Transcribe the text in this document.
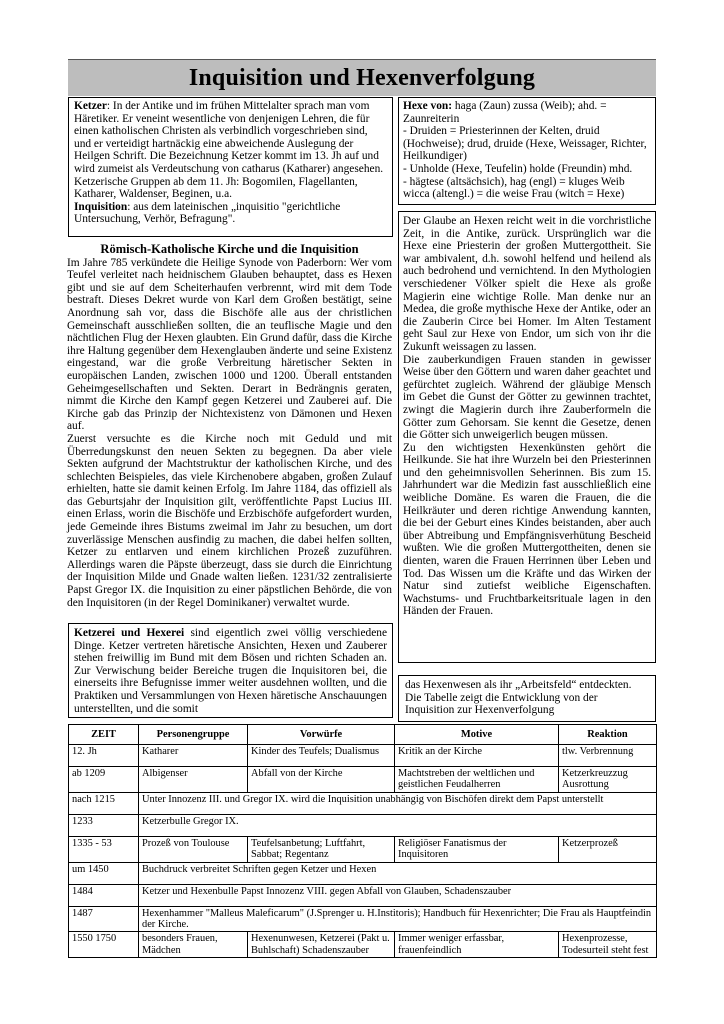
Inquisition und Hexenverfolgung

Ketzer: In der Antike und im frühen Mittelalter sprach man vom Häretiker. Er veneint wesentliche von denjenigen Lehren, die für einen katholischen Christen als verbindlich vorgeschrieben sind, und er verteidigt hartnäckig eine abweichende Auslegung der Heilgen Schrift. Die Bezeichnung Ketzer kommt im 13. Jh auf und wird zumeist als Verdeutschung von catharus (Katharer) angesehen. Ketzerische Gruppen ab dem 11. Jh: Bogomilen, Flagellanten, Katharer, Waldenser, Beginen, u.a.

Inquisition: aus dem lateinischen „inquisitio "gerichtliche Untersuchung, Verhör, Befragung".

Hexe von: haga (Zaun) zussa (Weib); ahd. = Zaunreiterin

- Druiden = Priesterinnen der Kelten, druid (Hochweise); drud, druide (Hexe, Weissager, Richter, Heilkundiger)

- Unholde (Hexe, Teufelin) holde (Freundin) mhd.

- hägtese (altsächsich), hag (engl) = kluges Weib wicca (altengl.) = die weise Frau (witch = Hexe)

Römisch-Katholische Kirche und die Inquisition

Im Jahre 785 verkündete die Heilige Synode von Paderborn: Wer vom Teufel verleitet nach heidnischem Glauben behauptet, dass es Hexen gibt und sie auf dem Scheiterhaufen verbrennt, wird mit dem Tode bestraft. Dieses Dekret wurde von Karl dem Großen bestätigt, seine Anordnung sah vor, dass die Bischöfe alle aus der christlichen Gemeinschaft ausschließen sollten, die an teuflische Magie und den nächtlichen Flug der Hexen glaubten. Ein Grund dafür, dass die Kirche ihre Haltung gegenüber dem Hexenglauben änderte und seine Existenz eingestand, war die große Verbreitung häretischer Sekten in europäischen Landen, zwischen 1000 und 1200. Überall entstanden Geheimgesellschaften und Sekten. Derart in Bedrängnis geraten, nimmt die Kirche den Kampf gegen Ketzerei und Zauberei auf. Die Kirche gab das Prinzip der Nichtexistenz von Dämonen und Hexen auf.

Zuerst versuchte es die Kirche noch mit Geduld und mit Überredungskunst den neuen Sekten zu begegnen. Da aber viele Sekten aufgrund der Machtstruktur der katholischen Kirche, und des schlechten Beispieles, das viele Kirchenobere abgaben, großen Zulauf erhielten, hatte sie damit keinen Erfolg. Im Jahre 1184, das offiziell als das Geburtsjahr der Inquisition gilt, veröffentlichte Papst Lucius III. einen Erlass, worin die Bischöfe und Erzbischöfe aufgefordert wurden, jede Gemeinde ihres Bistums zweimal im Jahr zu besuchen, um dort zuverlässige Menschen ausfindig zu machen, die dabei helfen sollten, Ketzer zu entlarven und einem kirchlichen Prozeß zuzuführen. Allerdings waren die Päpste überzeugt, dass sie durch die Einrichtung der Inquisition Milde und Gnade walten ließen. 1231/32 zentralisierte Papst Gregor IX. die Inquisition zu einer päpstlichen Behörde, die von den Inquisitoren (in der Regel Dominikaner) verwaltet wurde.

Der Glaube an Hexen reicht weit in die vorchristliche Zeit, in die Antike, zurück. Ursprünglich war die Hexe eine Priesterin der großen Muttergottheit. Sie war ambivalent, d.h. sowohl helfend und heilend als auch bedrohend und vernichtend. In den Mythologien verschiedener Völker spielt die Hexe als große Magierin eine wichtige Rolle. Man denke nur an Medea, die große mythische Hexe der Antike, oder an die Zauberin Circe bei Homer. Im Alten Testament geht Saul zur Hexe von Endor, um sich von ihr die Zukunft weissagen zu lassen.

Die zauberkundigen Frauen standen in gewisser Weise über den Göttern und waren daher geachtet und gefürchtet zugleich. Während der gläubige Mensch im Gebet die Gunst der Götter zu gewinnen trachtet, zwingt die Magierin durch ihre Zauberformeln die Götter zum Gehorsam. Sie kennt die Gesetze, denen die Götter sich unweigerlich beugen müssen.

Zu den wichtigsten Hexenkünsten gehört die Heilkunde. Sie hat ihre Wurzeln bei den Priesterinnen und den geheimnisvollen Seherinnen. Bis zum 15. Jahrhundert war die Medizin fast ausschließlich eine weibliche Domäne. Es waren die Frauen, die die Heilkräuter und deren richtige Anwendung kannten, die bei der Geburt eines Kindes beistanden, aber auch über Abtreibung und Empfängnisverhütung Bescheid wußten. Wie die großen Muttergottheiten, denen sie dienten, waren die Frauen Herrinnen über Leben und Tod. Das Wissen um die Kräfte und das Wirken der Natur sind zutiefst weibliche Eigenschaften. Wachstums- und Fruchtbarkeitsrituale lagen in den Händen der Frauen.

Ketzerei und Hexerei sind eigentlich zwei völlig verschiedene Dinge. Ketzer vertreten häretische Ansichten, Hexen und Zauberer stehen freiwillig im Bund mit dem Bösen und richten Schaden an. Zur Verwischung beider Bereiche trugen die Inquisitoren bei, die einerseits ihre Befugnisse immer weiter ausdehnen wollten, und die Praktiken und Versammlungen von Hexen häretische Anschauungen unterstellten, und die somit

das Hexenwesen als ihr „Arbeitsfeld“ entdeckten. Die Tabelle zeigt die Entwicklung von der Inquisition zur Hexenverfolgung

ZEIT	Personengruppe	Vorwürfe	Motive	Reaktion
12. Jh	Katharer	Kinder des Teufels; Dualismus	Kritik an der Kirche	tlw. Verbrennung
ab 1209	Albigenser	Abfall von der Kirche	Machtstreben der weltlichen und geistlichen Feudalherren	Ketzerkreuzzug Ausrottung
nach 1215	Unter Innozenz III. und Gregor IX. wird die Inquisition unabhängig von Bischöfen direkt dem Papst unterstellt			
1233	Ketzerbulle Gregor IX.			
1335 - 53	Prozeß von Toulouse	Teufelsanbetung; Luftfahrt, Sabbat; Regentanz	Religiöser Fanatismus der Inquisitoren	Ketzerprozeß
um 1450	Buchdruck verbreitet Schriften gegen Ketzer und Hexen			
1484	Ketzer und Hexenbulle Papst Innozenz VIII. gegen Abfall von Glauben, Schadenszauber			
1487	Hexenhammer "Malleus Maleficarum" (J.Sprenger u. H.Institoris); Handbuch für Hexenrichter; Die Frau als Hauptfeindin der Kirche.			
1550 1750	besonders Frauen, Mädchen	Hexenunwesen, Ketzerei (Pakt u. Buhlschaft) Schadenszauber	Immer weniger erfassbar, frauenfeindlich	Hexenprozesse, Todesurteil steht fest
